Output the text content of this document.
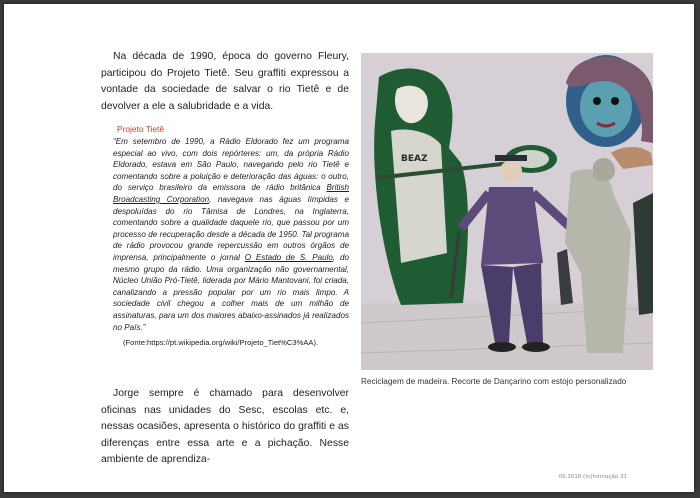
Na década de 1990, época do governo Fleury, participou do Projeto Tietê. Seu graffiti expressou a vontade da sociedade de salvar o rio Tietê e de devolver a ele a salubridade e a vida.

Projeto Tietê

“Em setembro de 1990, a Rádio Eldorado fez um programa especial ao vivo, com dois repórteres: um, da própria Rádio Eldorado, estava em São Paulo, navegando pelo rio Tietê e comentando sobre a poluição e deterioração das águas: o outro, do serviço brasileiro da emissora de rádio britânica British Broadcasting Corporation, navegava nas águas límpidas e despoluídas do rio Tâmisa de Londres, na Inglaterra, comentando sobre a qualidade daquele rio, que passou por um processo de recuperação desde a década de 1950. Tal programa de rádio provocou grande repercussão em outros órgãos de imprensa, principalmente o jornal O Estado de S. Paulo, do mesmo grupo da rádio. Uma organização não governamental, Núcleo União Pró-Tietê, liderada por Mário Mantovani, foi criada, canalizando a pressão popular por um rio mais limpo. A sociedade civil chegou a colher mais de um milhão de assinaturas, para um dos maiores abaixo-assinados já realizados no País.”

(Fonte:https://pt.wikipedia.org/wiki/Projeto_Tiet%C3%AA).
BEAZ
Reciclagem de madeira. Recorte de Dançarino com estojo personalizado

Jorge sempre é chamado para desenvolver oficinas nas unidades do Sesc, escolas etc. e, nessas ocasiões, apresenta o histórico do graffiti e as diferenças entre essa arte e a pichação. Nesse ambiente de aprendiza-

06.2018 (In)formação 31
